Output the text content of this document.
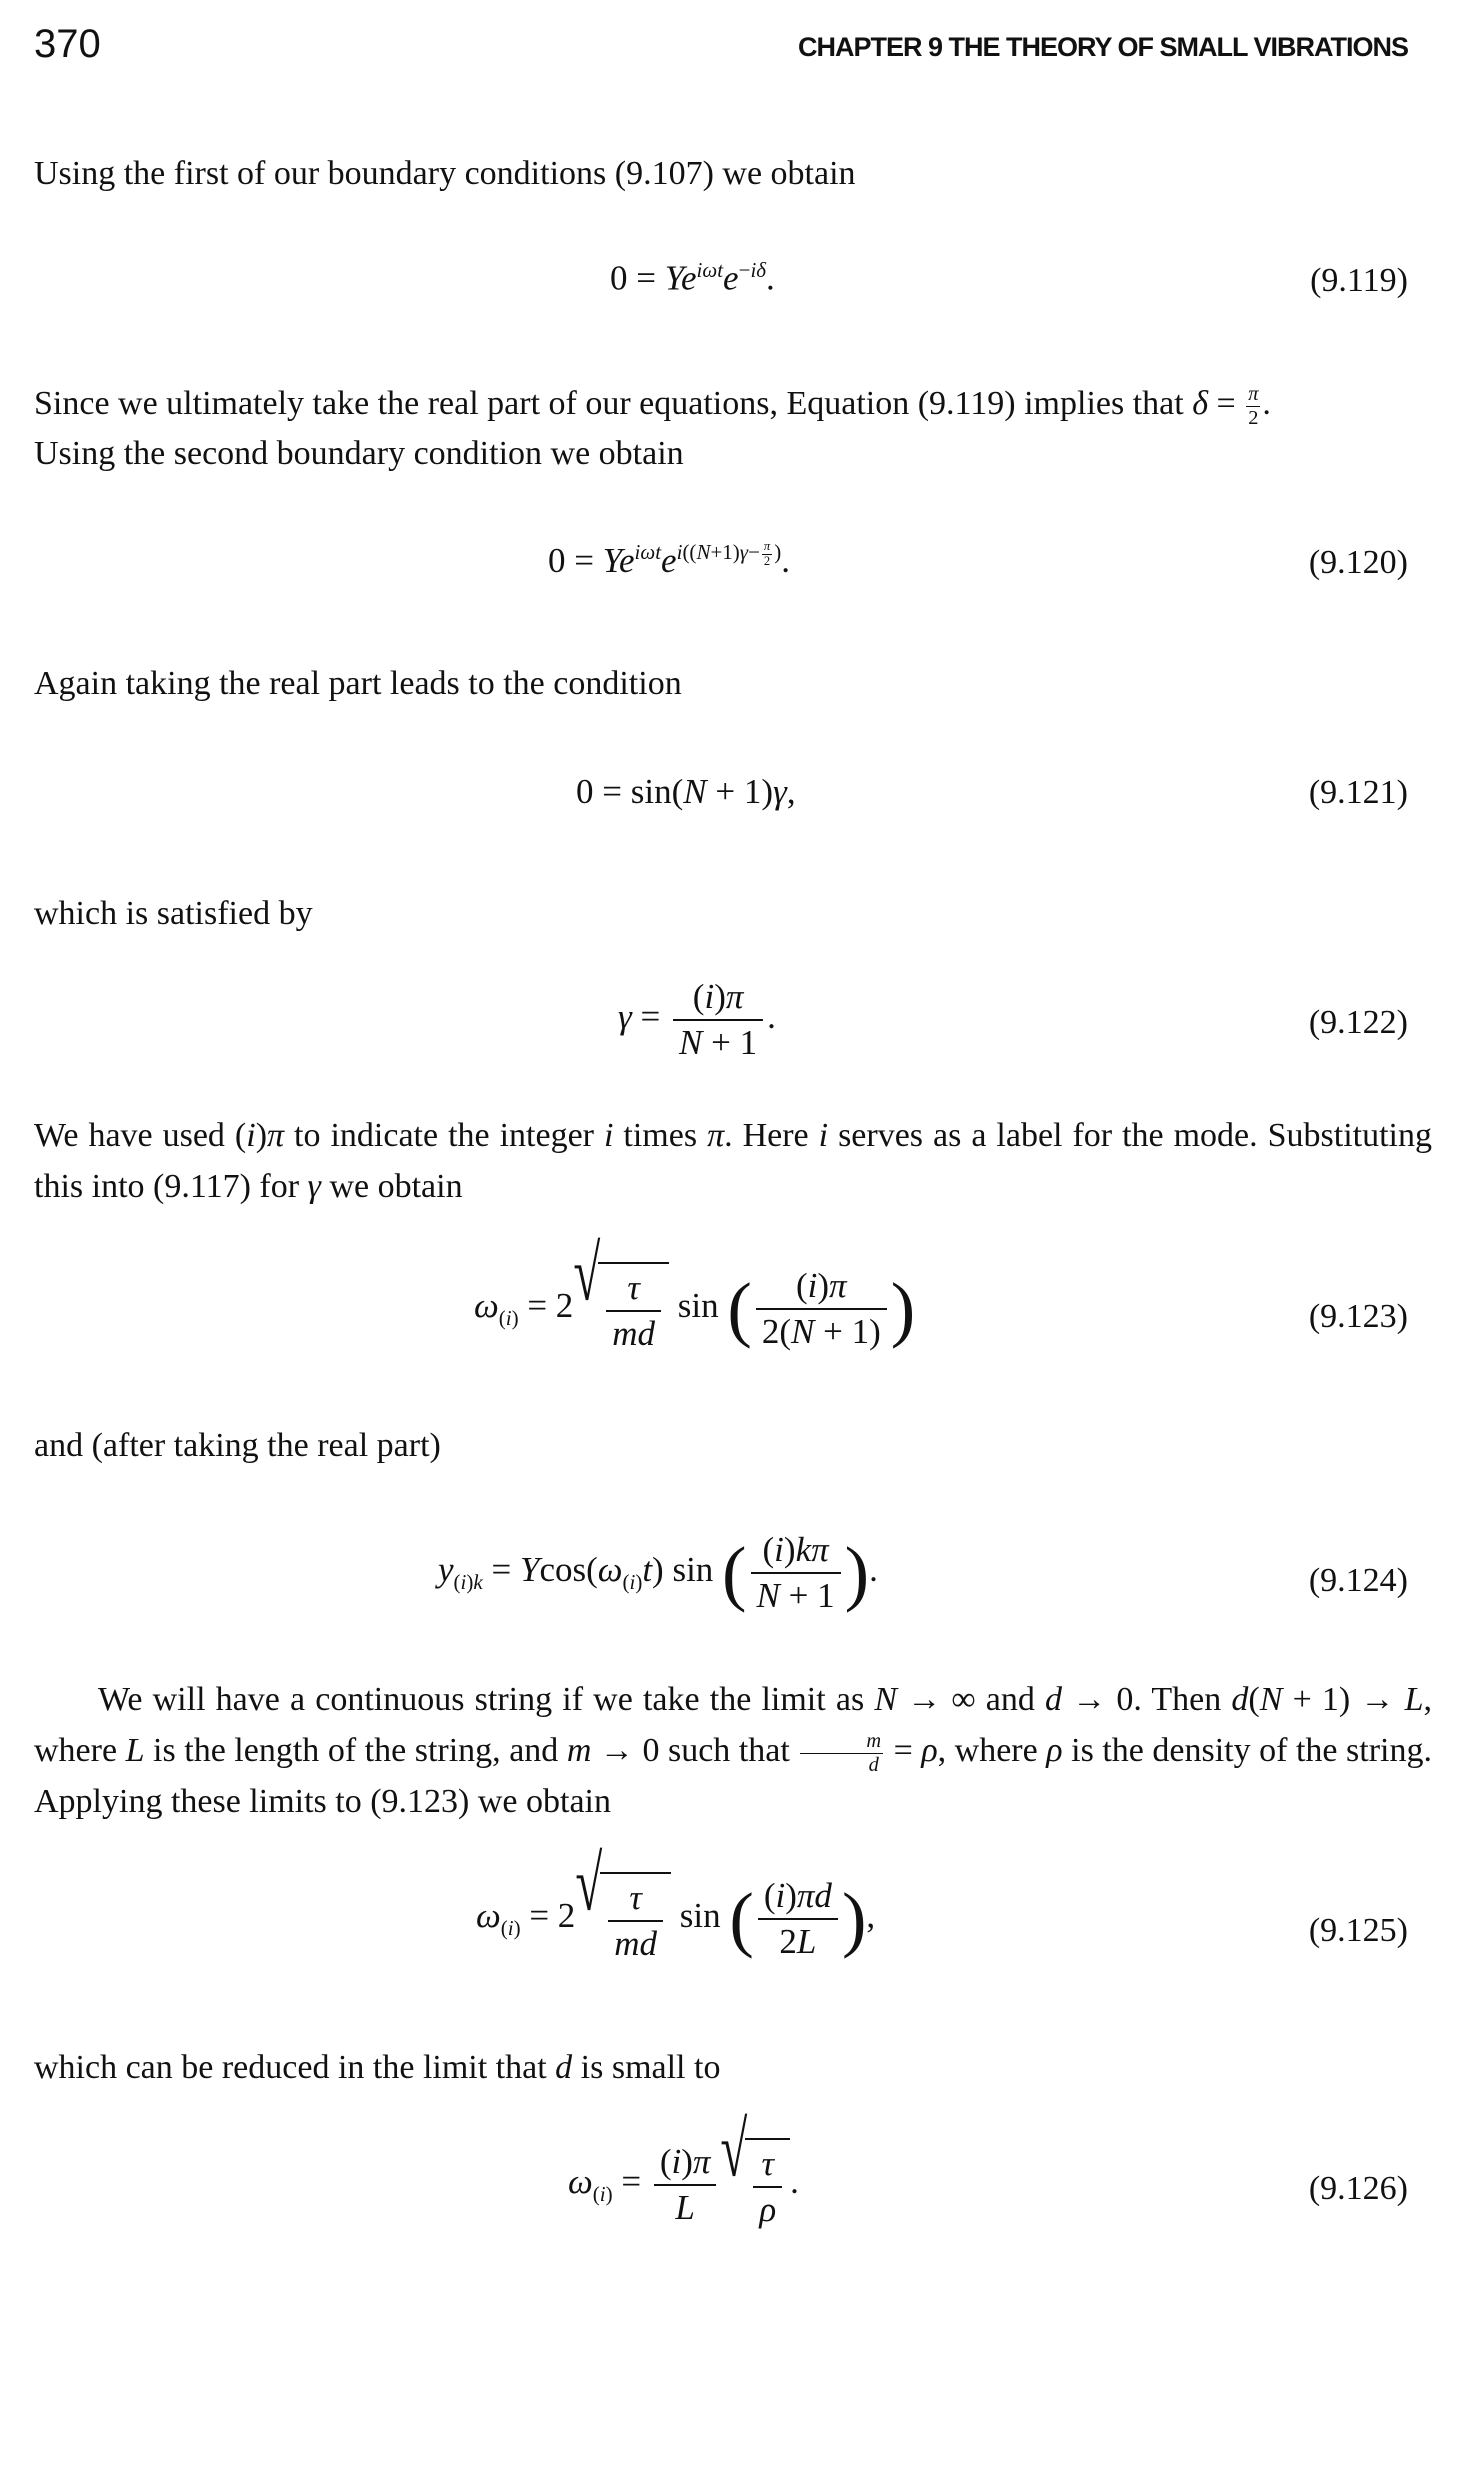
370	CHAPTER 9 THE THEORY OF SMALL VIBRATIONS
Using the first of our boundary conditions (9.107) we obtain
$0 = Ye^{i\omega t}e^{-i\delta}$.	(9.119)
Since we ultimately take the real part of our equations, Equation (9.119) implies that $\delta = \frac{\pi}{2}$ .
Using the second boundary condition we obtain
$0 = Ye^{i\omega t}e^{i((N+1)\gamma- \frac{\pi}{2} )}$.	(9.120)
Again taking the real part leads to the condition
0 = sin(N + 1)γ,	(9.121)
which is satisfied by
$\gamma = \frac{(i)\pi}{N + 1}$ .	(9.122)
We have used (i)π to indicate the integer i times π. Here i serves as a label for the mode. Substituting this into (9.117) for γ we obtain
$\omega_{(i)} = 2$ √ $\frac{\tau}{md}$ sin ( $\frac{(i)\pi}{2(N + 1)}$ )	(9.123)
and (after taking the real part)
$y_{(i)k} = Ycos(\omega_{(i)}t)$ sin ( $\frac{(i)k\pi}{N + 1}$ ).	(9.124)
We will have a continuous string if we take the limit as N → ∞ and d → 0. Then d(N + 1) → L, where L is the length of the string, and m → 0 such that $\frac{m}{d} = \rho$, where ρ is the density of the string. Applying these limits to (9.123) we obtain
$\omega_{(i)} = 2$ √ $\frac{\tau}{md}$ sin ( $\frac{(i)\pi d}{2L}$ ),	(9.125)
which can be reduced in the limit that d is small to
$\omega_{(i)} = \frac{(i)\pi}{L}$ √ $\frac{\tau}{\rho}$ .	(9.126)
